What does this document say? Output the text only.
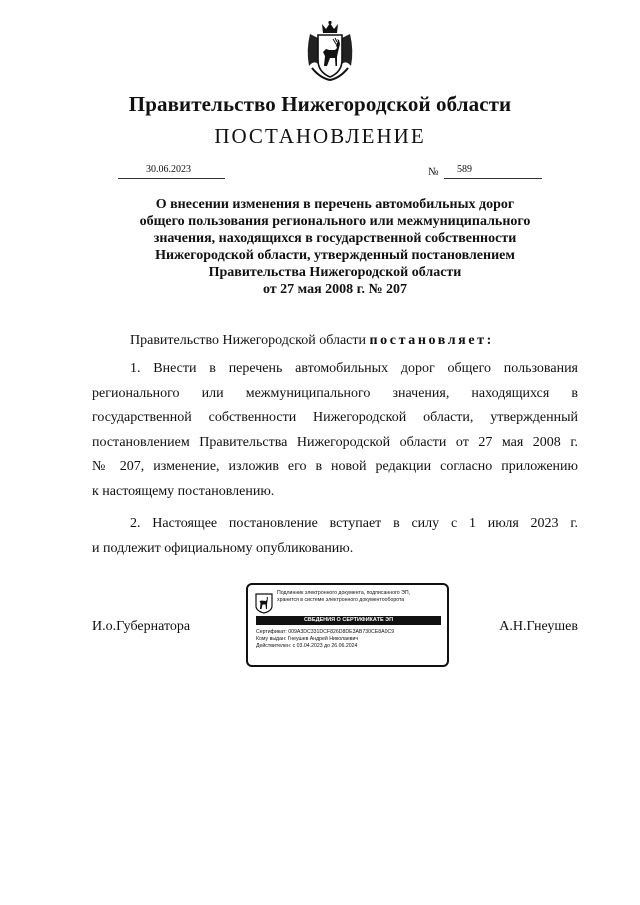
Правительство Нижегородской области
ПОСТАНОВЛЕНИЕ
30.06.2023	№ 589
О внесении изменения в перечень автомобильных дорог
общего пользования регионального или межмуниципального
значения, находящихся в государственной собственности
Нижегородской области, утвержденный постановлением
Правительства Нижегородской области
от 27 мая 2008 г. № 207
Правительство Нижегородской области постановляет:
1. Внести в перечень автомобильных дорог общего пользования
регионального или межмуниципального значения, находящихся в
государственной собственности Нижегородской области, утвержденный
постановлением Правительства Нижегородской области от 27 мая 2008 г.
№ 207, изменение, изложив его в новой редакции согласно приложению
к настоящему постановлению.
2. Настоящее постановление вступает в силу с 1 июля 2023 г.
и подлежит официальному опубликованию.
И.о.Губернатора
Подлинник электронного документа, подписанного ЭП,
хранится в системе электронного документооборота
СВЕДЕНИЯ О СЕРТИФИКАТЕ ЭП
Сертификат: 009A3DC331DCF826D8DE3AB730CE8A0C9
Кому выдан: Гнеушев Андрей Николаевич
Действителен: с 03.04.2023 до 26.06.2024
А.Н.Гнеушев
